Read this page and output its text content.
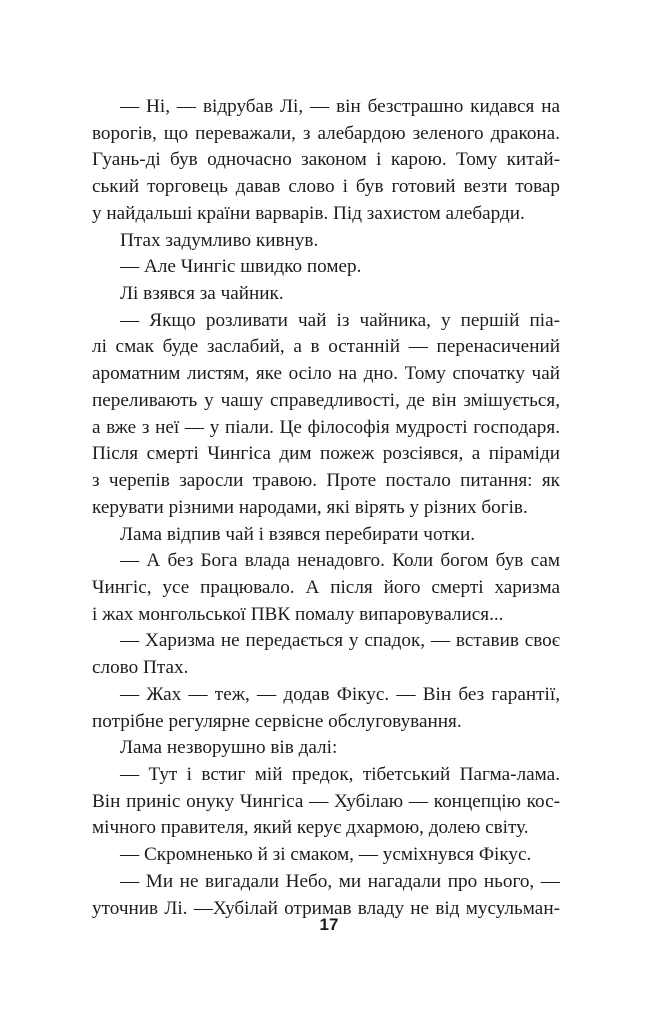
— Ні, — відрубав Лі, — він безстрашно кидався на
ворогів, що переважали, з алебардою зеленого дракона.
Гуань-ді був одночасно законом і карою. Тому китай-
ський торговець давав слово і був готовий везти товар
у найдальші країни варварів. Під захистом алебарди.
Птах задумливо кивнув.
— Але Чингіс швидко помер.
Лі взявся за чайник.
— Якщо розливати чай із чайника, у першій піа-
лі смак буде заслабий, а в останній — перенасичений
ароматним листям, яке осіло на дно. Тому спочатку чай
переливають у чашу справедливості, де він змішується,
а вже з неї — у піали. Це філософія мудрості господаря.
Після смерті Чингіса дим пожеж розсіявся, а піраміди
з черепів заросли травою. Проте постало питання: як
керувати різними народами, які вірять у різних богів.
Лама відпив чай і взявся перебирати чотки.
— А без Бога влада ненадовго. Коли богом був сам
Чингіс, усе працювало. А після його смерті харизма
і жах монгольської ПВК помалу випаровувалися...
— Харизма не передається у спадок, — вставив своє
слово Птах.
— Жах — теж, — додав Фікус. — Він без гарантії,
потрібне регулярне сервісне обслуговування.
Лама незворушно вів далі:
— Тут і встиг мій предок, тібетський Пагма-лама.
Він приніс онуку Чингіса — Хубілаю — концепцію кос-
мічного правителя, який керує дхармою, долею світу.
— Скромненько й зі смаком, — усміхнувся Фікус.
— Ми не вигадали Небо, ми нагадали про нього, —
уточнив Лі. —Хубілай отримав владу не від мусульман-
17
